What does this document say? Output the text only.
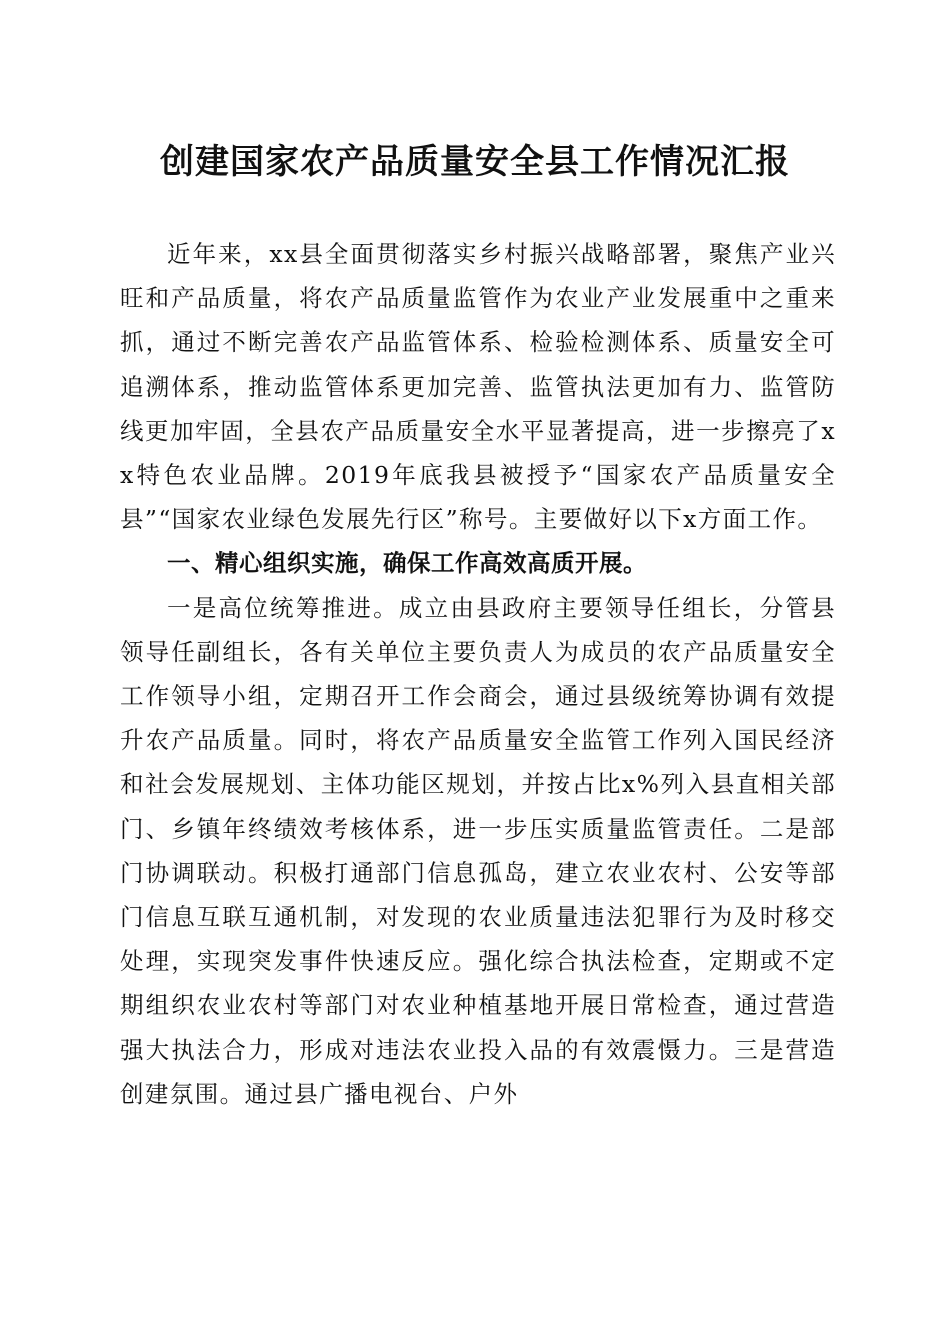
创建国家农产品质量安全县工作情况汇报

近年来，xx县全面贯彻落实乡村振兴战略部署，聚焦产业兴旺和产品质量，将农产品质量监管作为农业产业发展重中之重来抓，通过不断完善农产品监管体系、检验检测体系、质量安全可追溯体系，推动监管体系更加完善、监管执法更加有力、监管防线更加牢固，全县农产品质量安全水平显著提高，进一步擦亮了xx特色农业品牌。2019年底我县被授予“国家农产品质量安全县”“国家农业绿色发展先行区”称号。主要做好以下x方面工作。

一、精心组织实施，确保工作高效高质开展。

一是高位统筹推进。成立由县政府主要领导任组长，分管县领导任副组长，各有关单位主要负责人为成员的农产品质量安全工作领导小组，定期召开工作会商会，通过县级统筹协调有效提升农产品质量。同时，将农产品质量安全监管工作列入国民经济和社会发展规划、主体功能区规划，并按占比x%列入县直相关部门、乡镇年终绩效考核体系，进一步压实质量监管责任。二是部门协调联动。积极打通部门信息孤岛，建立农业农村、公安等部门信息互联互通机制，对发现的农业质量违法犯罪行为及时移交处理，实现突发事件快速反应。强化综合执法检查，定期或不定期组织农业农村等部门对农业种植基地开展日常检查，通过营造强大执法合力，形成对违法农业投入品的有效震慑力。三是营造创建氛围。通过县广播电视台、户外
